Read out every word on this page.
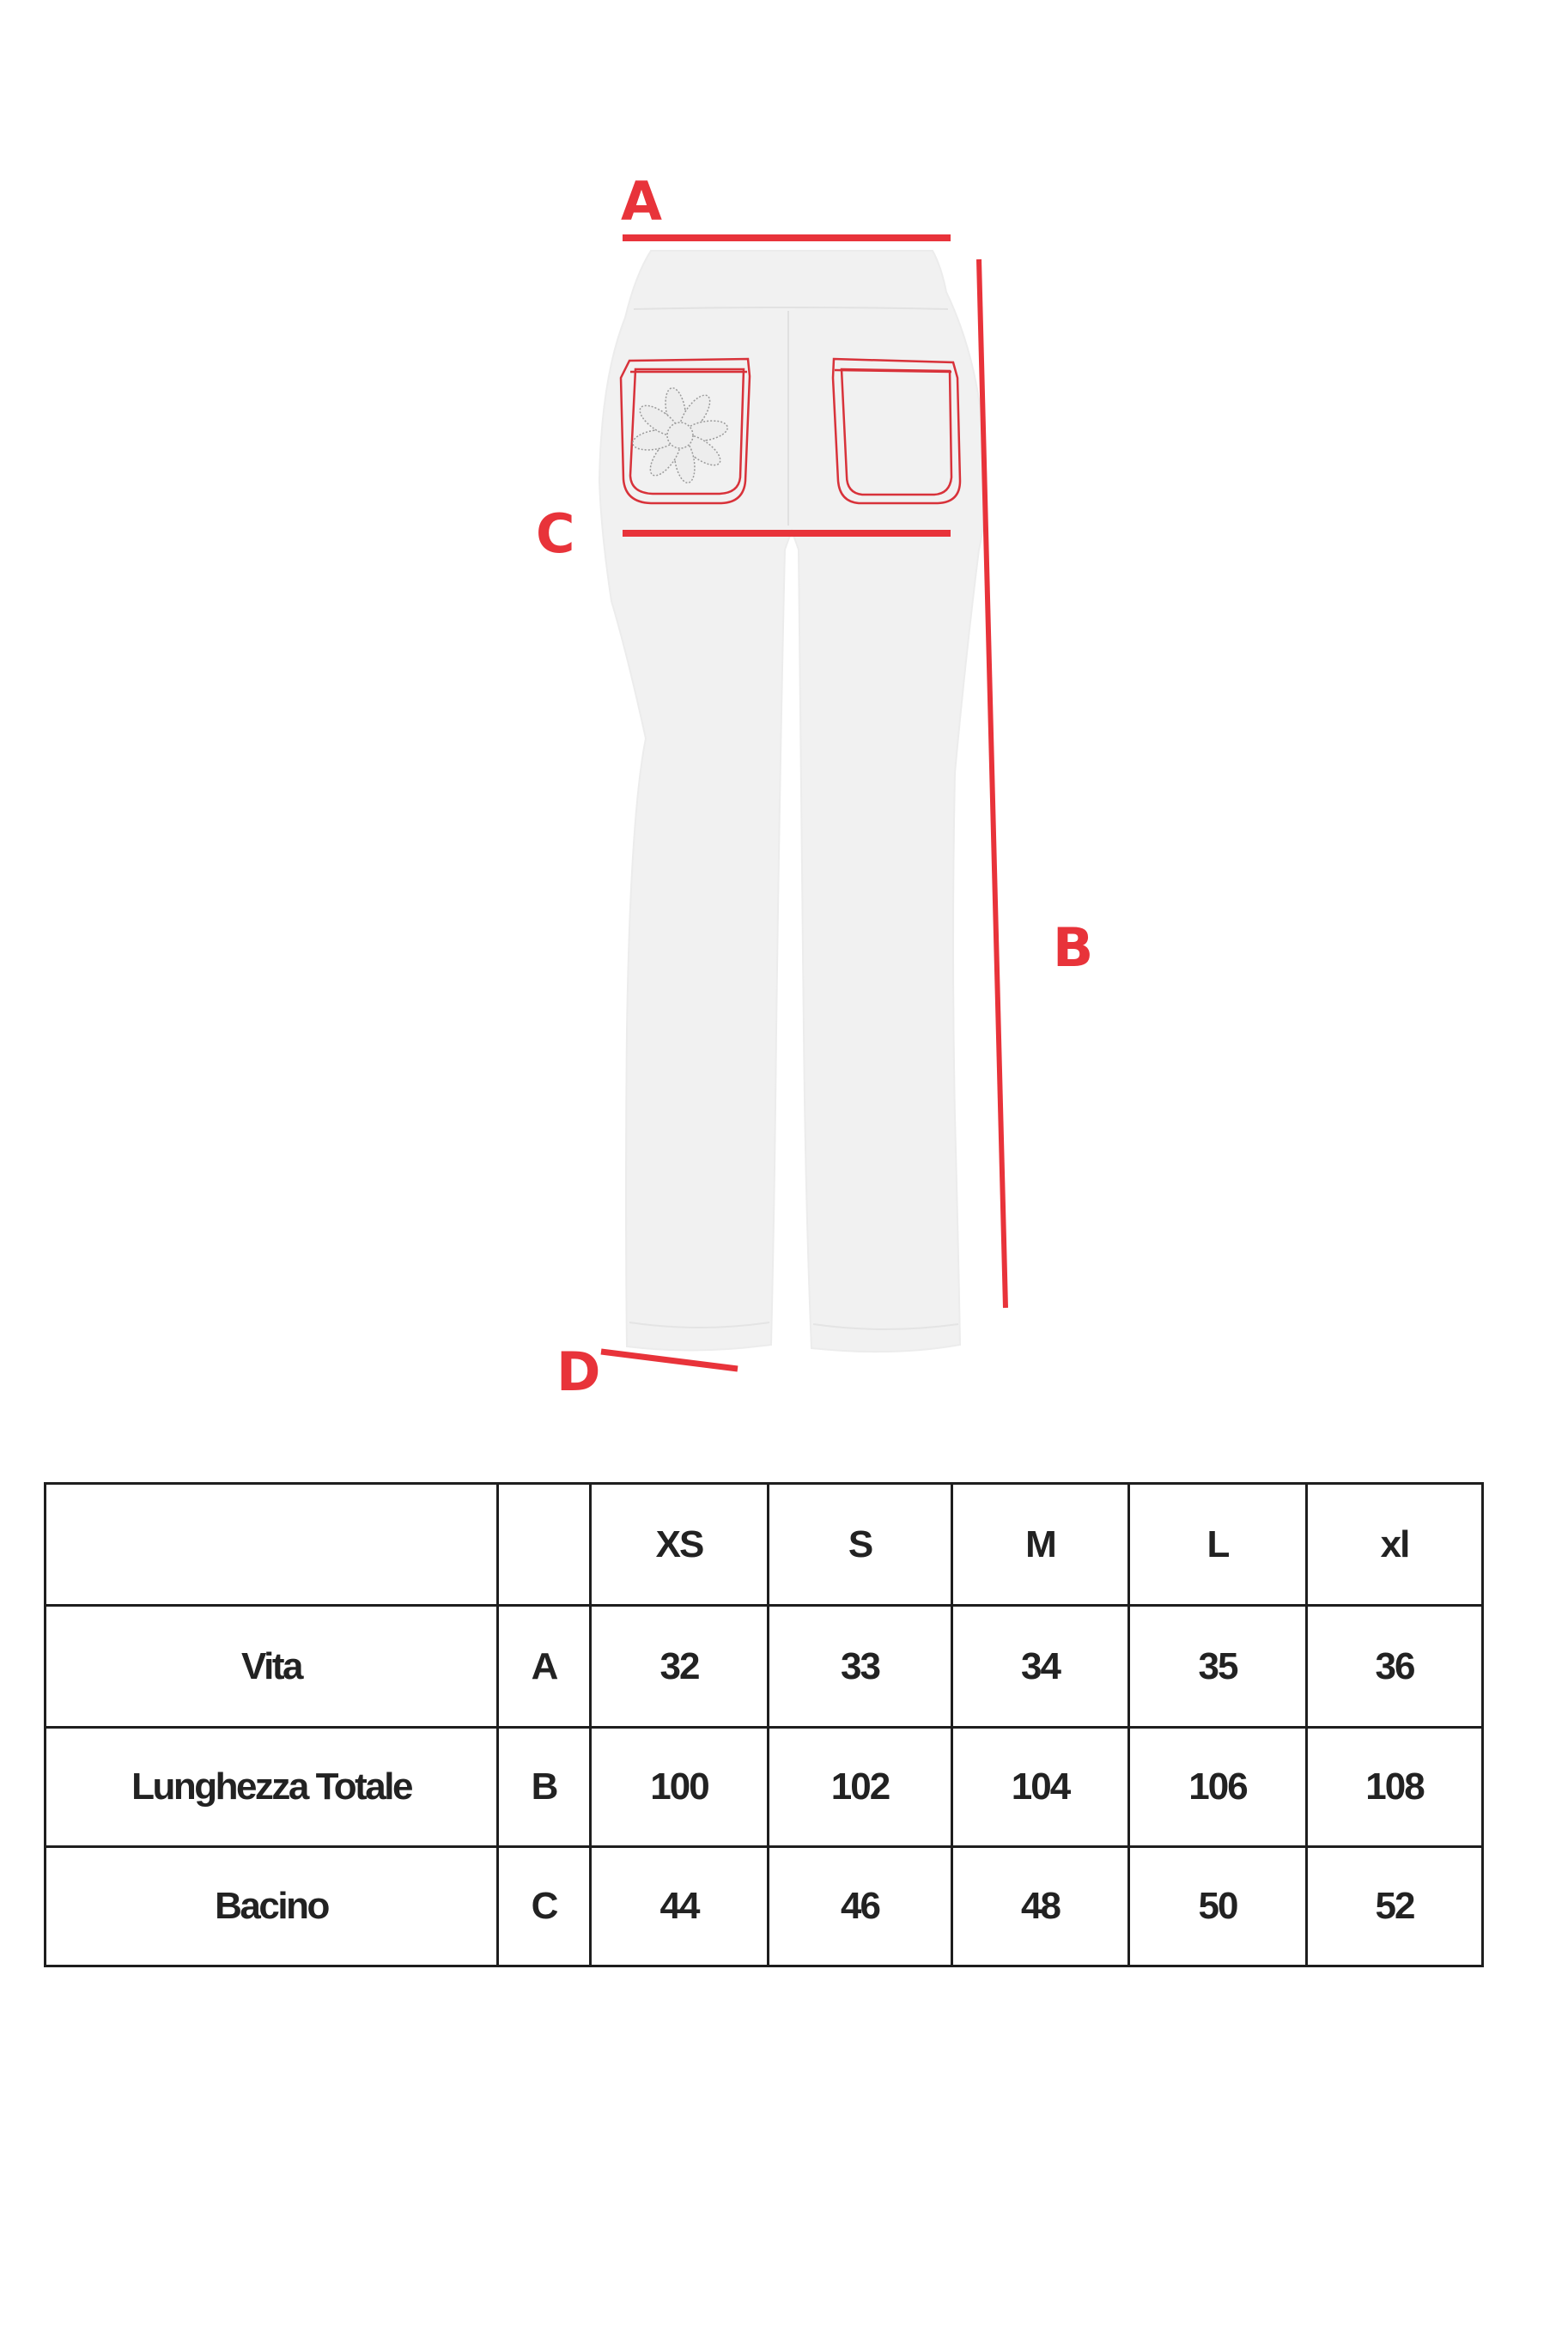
A
B
C
D
		XS	S	M	L	xl
Vita	A	32	33	34	35	36
Lunghezza Totale	B	100	102	104	106	108
Bacino	C	44	46	48	50	52
